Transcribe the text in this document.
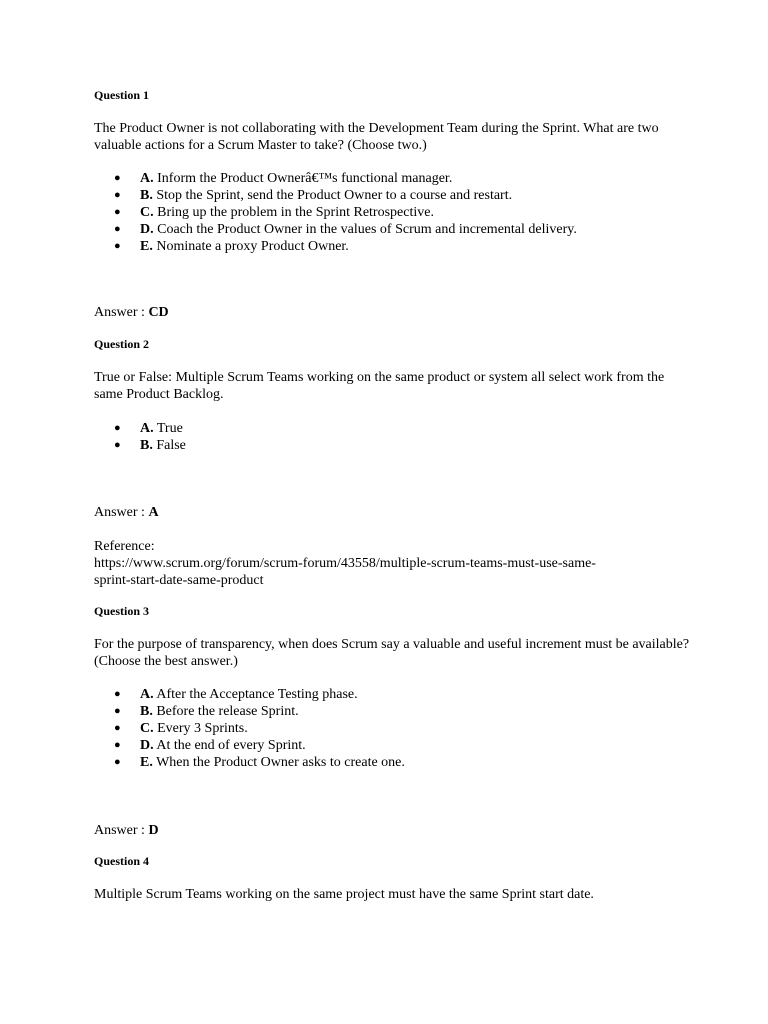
Question 1
The Product Owner is not collaborating with the Development Team during the Sprint. What are two valuable actions for a Scrum Master to take? (Choose two.)
● A. Inform the Product Ownerâ€™s functional manager.
● B. Stop the Sprint, send the Product Owner to a course and restart.
● C. Bring up the problem in the Sprint Retrospective.
● D. Coach the Product Owner in the values of Scrum and incremental delivery.
● E. Nominate a proxy Product Owner.
Answer : CD
Question 2
True or False: Multiple Scrum Teams working on the same product or system all select work from the same Product Backlog.
● A. True
● B. False
Answer : A
Reference:
https://www.scrum.org/forum/scrum-forum/43558/multiple-scrum-teams-must-use-same-
sprint-start-date-same-product
Question 3
For the purpose of transparency, when does Scrum say a valuable and useful increment must be available? (Choose the best answer.)
● A. After the Acceptance Testing phase.
● B. Before the release Sprint.
● C. Every 3 Sprints.
● D. At the end of every Sprint.
● E. When the Product Owner asks to create one.
Answer : D
Question 4
Multiple Scrum Teams working on the same project must have the same Sprint start date.
